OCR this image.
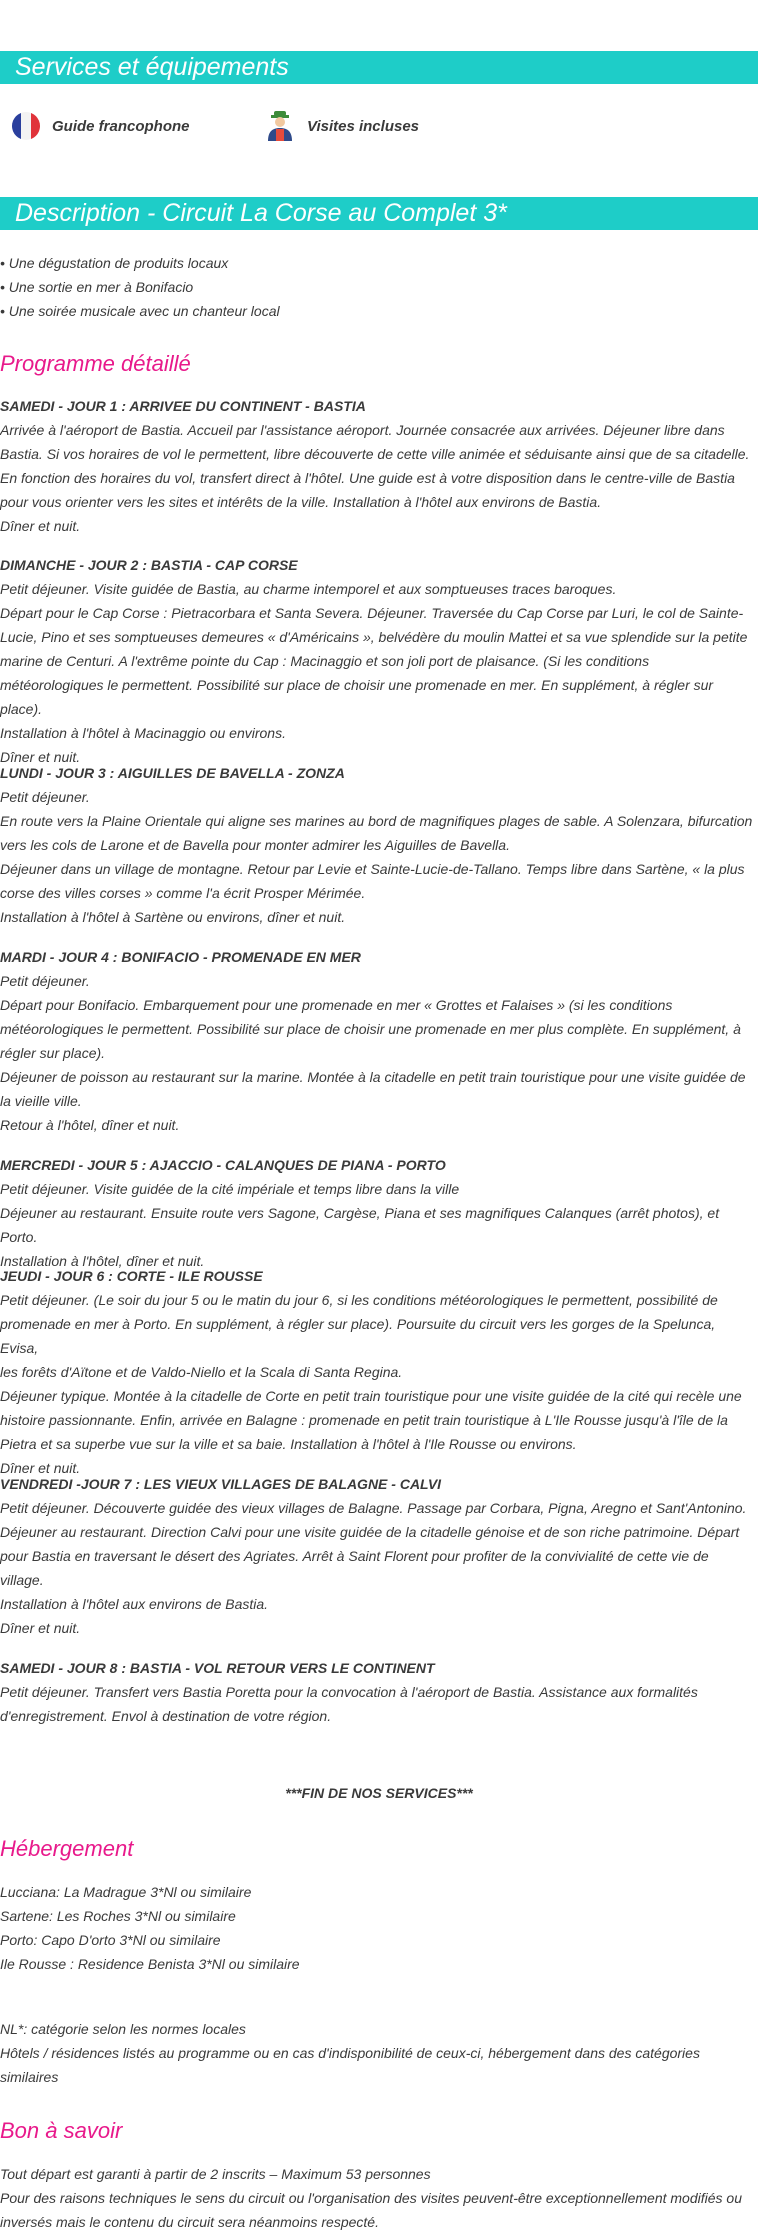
Services et équipements
Guide francophone	Visites incluses
Description - Circuit La Corse au Complet 3*
• Une dégustation de produits locaux
• Une sortie en mer à Bonifacio
• Une soirée musicale avec un chanteur local
Programme détaillé
SAMEDI - JOUR 1 : ARRIVEE DU CONTINENT - BASTIA
Arrivée à l'aéroport de Bastia. Accueil par l'assistance aéroport. Journée consacrée aux arrivées. Déjeuner libre dans
Bastia. Si vos horaires de vol le permettent, libre découverte de cette ville animée et séduisante ainsi que de sa citadelle.
En fonction des horaires du vol, transfert direct à l'hôtel. Une guide est à votre disposition dans le centre-ville de Bastia
pour vous orienter vers les sites et intérêts de la ville. Installation à l'hôtel aux environs de Bastia.
Dîner et nuit.
DIMANCHE - JOUR 2 : BASTIA - CAP CORSE
Petit déjeuner. Visite guidée de Bastia, au charme intemporel et aux somptueuses traces baroques.
Départ pour le Cap Corse : Pietracorbara et Santa Severa. Déjeuner. Traversée du Cap Corse par Luri, le col de Sainte-
Lucie, Pino et ses somptueuses demeures « d'Américains », belvédère du moulin Mattei et sa vue splendide sur la petite
marine de Centuri. A l'extrême pointe du Cap : Macinaggio et son joli port de plaisance. (Si les conditions
météorologiques le permettent. Possibilité sur place de choisir une promenade en mer. En supplément, à régler sur place).
Installation à l'hôtel à Macinaggio ou environs.
Dîner et nuit.
LUNDI - JOUR 3 : AIGUILLES DE BAVELLA - ZONZA
Petit déjeuner.
En route vers la Plaine Orientale qui aligne ses marines au bord de magnifiques plages de sable. A Solenzara, bifurcation
vers les cols de Larone et de Bavella pour monter admirer les Aiguilles de Bavella.
Déjeuner dans un village de montagne. Retour par Levie et Sainte-Lucie-de-Tallano. Temps libre dans Sartène, « la plus
corse des villes corses » comme l'a écrit Prosper Mérimée.
Installation à l'hôtel à Sartène ou environs, dîner et nuit.
MARDI - JOUR 4 : BONIFACIO - PROMENADE EN MER
Petit déjeuner.
Départ pour Bonifacio. Embarquement pour une promenade en mer « Grottes et Falaises » (si les conditions
météorologiques le permettent. Possibilité sur place de choisir une promenade en mer plus complète. En supplément, à
régler sur place).
Déjeuner de poisson au restaurant sur la marine. Montée à la citadelle en petit train touristique pour une visite guidée de
la vieille ville.
Retour à l'hôtel, dîner et nuit.
MERCREDI - JOUR 5 : AJACCIO - CALANQUES DE PIANA - PORTO
Petit déjeuner. Visite guidée de la cité impériale et temps libre dans la ville
Déjeuner au restaurant. Ensuite route vers Sagone, Cargèse, Piana et ses magnifiques Calanques (arrêt photos), et Porto.
Installation à l'hôtel, dîner et nuit.
JEUDI - JOUR 6 : CORTE - ILE ROUSSE
Petit déjeuner. (Le soir du jour 5 ou le matin du jour 6, si les conditions météorologiques le permettent, possibilité de
promenade en mer à Porto. En supplément, à régler sur place). Poursuite du circuit vers les gorges de la Spelunca, Evisa,
les forêts d'Aïtone et de Valdo-Niello et la Scala di Santa Regina.
Déjeuner typique. Montée à la citadelle de Corte en petit train touristique pour une visite guidée de la cité qui recèle une
histoire passionnante. Enfin, arrivée en Balagne : promenade en petit train touristique à L'Ile Rousse jusqu'à l'île de la
Pietra et sa superbe vue sur la ville et sa baie. Installation à l'hôtel à l'Ile Rousse ou environs.
Dîner et nuit.
VENDREDI -JOUR 7 : LES VIEUX VILLAGES DE BALAGNE - CALVI
Petit déjeuner. Découverte guidée des vieux villages de Balagne. Passage par Corbara, Pigna, Aregno et Sant'Antonino.
Déjeuner au restaurant. Direction Calvi pour une visite guidée de la citadelle génoise et de son riche patrimoine. Départ
pour Bastia en traversant le désert des Agriates. Arrêt à Saint Florent pour profiter de la convivialité de cette vie de
village.
Installation à l'hôtel aux environs de Bastia.
Dîner et nuit.
SAMEDI - JOUR 8 : BASTIA - VOL RETOUR VERS LE CONTINENT
Petit déjeuner. Transfert vers Bastia Poretta pour la convocation à l'aéroport de Bastia. Assistance aux formalités
d'enregistrement. Envol à destination de votre région.
***FIN DE NOS SERVICES***
Hébergement
Lucciana: La Madrague 3*Nl ou similaire
Sartene: Les Roches 3*Nl ou similaire
Porto: Capo D'orto 3*Nl ou similaire
Ile Rousse : Residence Benista 3*Nl ou similaire
NL*: catégorie selon les normes locales
Hôtels / résidences listés au programme ou en cas d'indisponibilité de ceux-ci, hébergement dans des catégories
similaires
Bon à savoir
Tout départ est garanti à partir de 2 inscrits – Maximum 53 personnes
Pour des raisons techniques le sens du circuit ou l'organisation des visites peuvent-être exceptionnellement modifiés ou
inversés mais le contenu du circuit sera néanmoins respecté.
